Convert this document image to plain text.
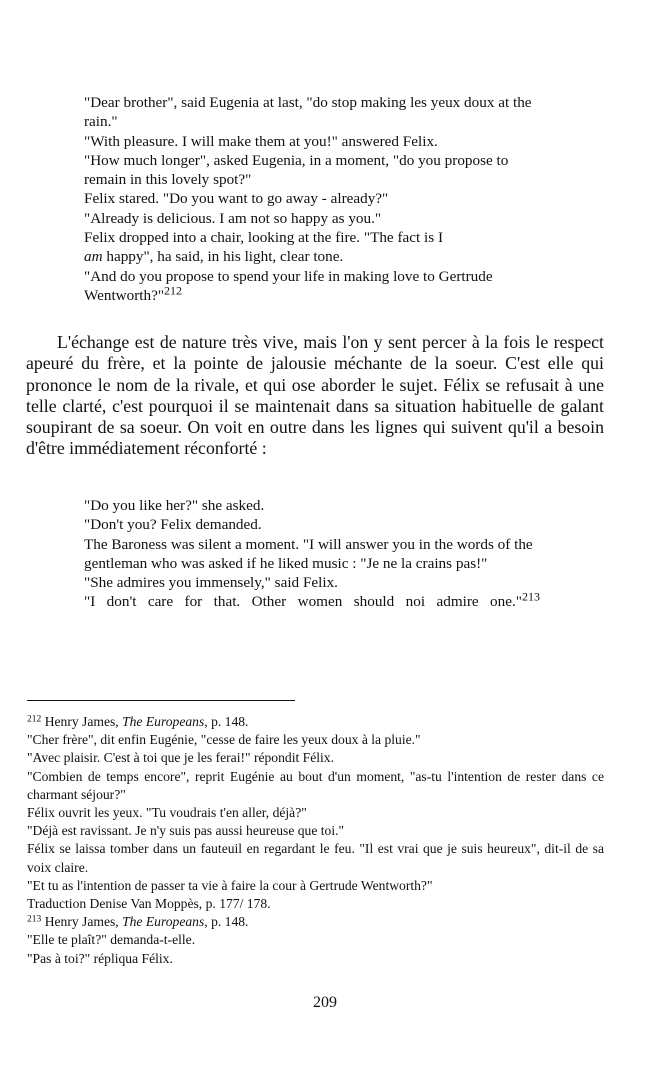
"Dear brother", said Eugenia at last, "do stop making les yeux doux at the rain."

"With pleasure. I will make them at you!" answered Felix.

"How much longer", asked Eugenia, in a moment, "do you propose to remain in this lovely spot?"

Felix stared. "Do you want to go away - already?"

"Already is delicious. I am not so happy as you."

Felix dropped into a chair, looking at the fire. "The fact is I

am happy", ha said, in his light, clear tone.

"And do you propose to spend your life in making love to Gertrude Wentworth?"$^{212}$

L'échange est de nature très vive, mais l'on y sent percer à la fois le respect apeuré du frère, et la pointe de jalousie méchante de la soeur. C'est elle qui prononce le nom de la rivale, et qui ose aborder le sujet. Félix se refusait à une telle clarté, c'est pourquoi il se maintenait dans sa situation habituelle de galant soupirant de sa soeur. On voit en outre dans les lignes qui suivent qu'il a besoin d'être immédiatement réconforté :

"Do you like her?" she asked.

"Don't you? Felix demanded.

The Baroness was silent a moment. "I will answer you in the words of the gentleman who was asked if he liked music : "Je ne la crains pas!"

"She admires you immensely," said Felix.

"I don't care for that. Other women should noi admire one."$^{213}$

$^{212}$ Henry James, The Europeans, p. 148.

"Cher frère", dit enfin Eugénie, "cesse de faire les yeux doux à la pluie."

"Avec plaisir. C'est à toi que je les ferai!" répondit Félix.

"Combien de temps encore", reprit Eugénie au bout d'un moment, "as-tu l'intention de rester dans ce charmant séjour?"

Félix ouvrit les yeux. "Tu voudrais t'en aller, déjà?"

"Déjà est ravissant. Je n'y suis pas aussi heureuse que toi."

Félix se laissa tomber dans un fauteuil en regardant le feu. "Il est vrai que je suis heureux", dit-il de sa voix claire.

"Et tu as l'intention de passer ta vie à faire la cour à Gertrude Wentworth?"

Traduction Denise Van Moppès, p. 177/ 178.

$^{213}$ Henry James, The Europeans, p. 148.

"Elle te plaît?" demanda-t-elle.

"Pas à toi?" répliqua Félix.

209
